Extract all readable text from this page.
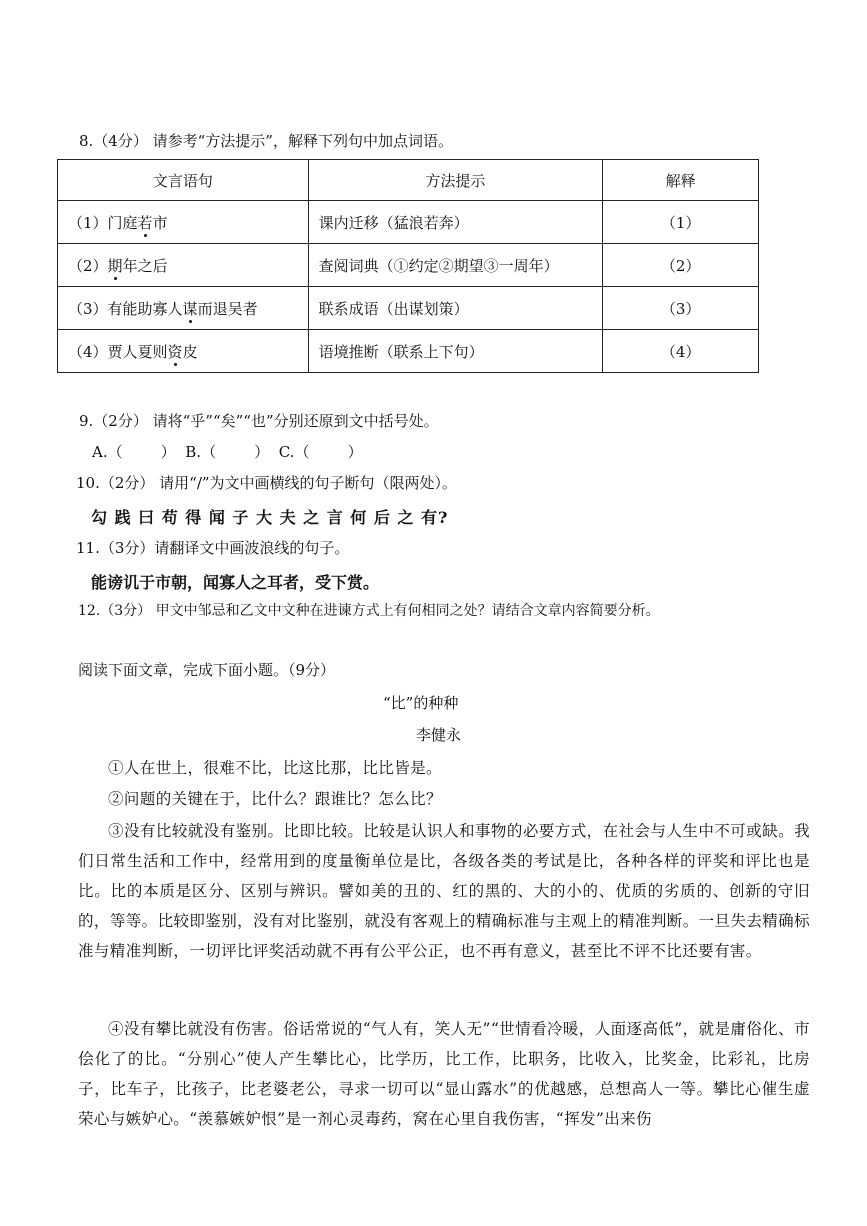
8.（4分） 请参考“方法提示”，解释下列句中加点词语。
文言语句	方法提示	解释
（1）门庭若市	课内迁移（猛浪若奔）	（1）
（2）期年之后	查阅词典（①约定②期望③一周年）	（2）
（3）有能助寡人谋而退吴者	联系成语（出谋划策）	（3）
（4）贾人夏则资皮	语境推断（联系上下句）	（4）
9.（2分） 请将“乎”“矣”“也”分别还原到文中括号处。
A.（        ）  B.（        ）  C.（        ）
10.（2分） 请用“/”为文中画横线的句子断句（限两处）。
勾 践 曰 苟 得 闻 子 大 夫 之 言 何 后 之 有?
11.（3分）请翻译文中画波浪线的句子。
能谤讥于市朝，闻寡人之耳者，受下赏。
12.（3分） 甲文中邹忌和乙文中文种在进谏方式上有何相同之处？请结合文章内容简要分析。
阅读下面文章，完成下面小题。（9分）
“比”的种种
李健永

①人在世上，很难不比，比这比那，比比皆是。

②问题的关键在于，比什么？跟谁比？怎么比？

③没有比较就没有鉴别。比即比较。比较是认识人和事物的必要方式，在社会与人生中不可或缺。我们日常生活和工作中，经常用到的度量衡单位是比，各级各类的考试是比，各种各样的评奖和评比也是比。比的本质是区分、区别与辨识。譬如美的丑的、红的黑的、大的小的、优质的劣质的、创新的守旧的，等等。比较即鉴别，没有对比鉴别，就没有客观上的精确标准与主观上的精准判断。一旦失去精确标准与精准判断，一切评比评奖活动就不再有公平公正，也不再有意义，甚至比不评不比还要有害。

④没有攀比就没有伤害。俗话常说的“气人有，笑人无”“世情看冷暖，人面逐高低”，就是庸俗化、市侩化了的比。“分别心”使人产生攀比心，比学历，比工作，比职务，比收入，比奖金，比彩礼，比房子，比车子，比孩子，比老婆老公，寻求一切可以“显山露水”的优越感，总想高人一等。攀比心催生虚荣心与嫉妒心。“羡慕嫉妒恨”是一剂心灵毒药，窝在心里自我伤害，“挥发”出来伤
